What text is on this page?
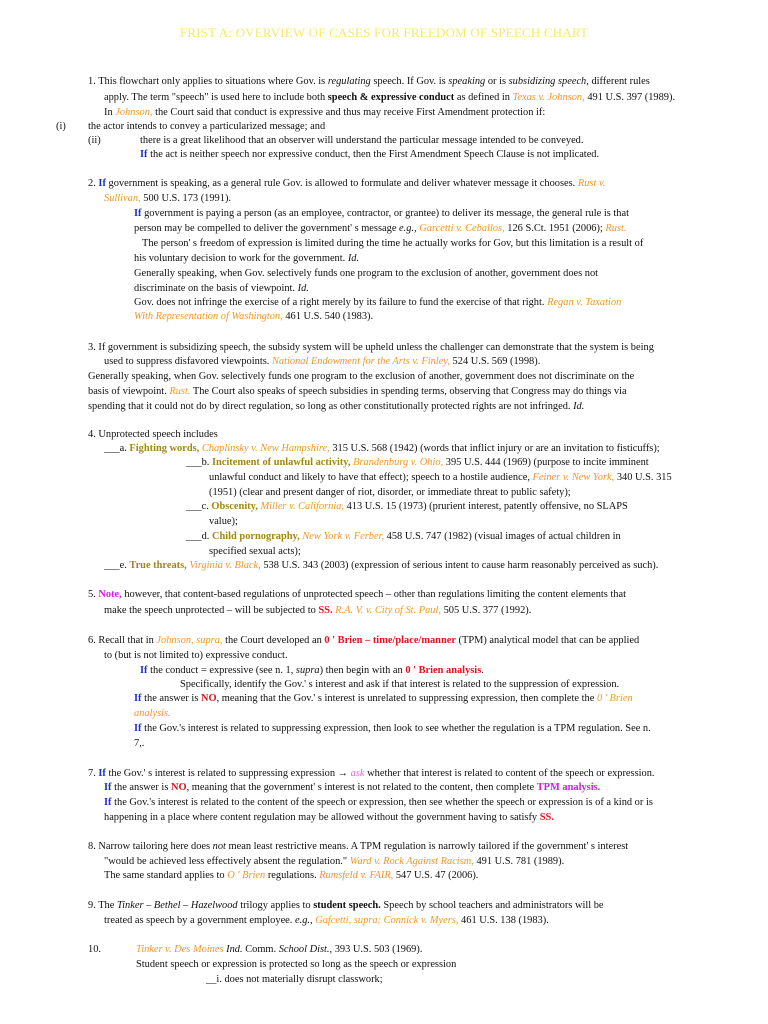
FRIST A: OVERVIEW OF CASES FOR FREEDOM OF SPEECH CHART
1. This flowchart only applies to situations where Gov. is regulating speech. If Gov. is speaking or is subsidizing speech, different rules
apply. The term "speech" is used here to include both speech & expressive conduct as defined in Texas v. Johnson, 491 U.S. 397 (1989).
In Johnson, the Court said that conduct is expressive and thus may receive First Amendment protection if:
(i) the actor intends to convey a particularized message; and
(ii)	there is a great likelihood that an observer will understand the particular message intended to be conveyed.
If the act is neither speech nor expressive conduct, then the First Amendment Speech Clause is not implicated.
2. If government is speaking, as a general rule Gov. is allowed to formulate and deliver whatever message it chooses. Rust v.
Sullivan, 500 U.S. 173 (1991).
If government is paying a person (as an employee, contractor, or grantee) to deliver its message, the general rule is that
person may be compelled to deliver the government' s message e.g., Garcetti v. Ceballos, 126 S.Ct. 1951 (2006); Rust.
The person' s freedom of expression is limited during the time he actually works for Gov, but this limitation is a result of
his voluntary decision to work for the government. Id.
Generally speaking, when Gov. selectively funds one program to the exclusion of another, government does not
discriminate on the basis of viewpoint. Id.
Gov. does not infringe the exercise of a right merely by its failure to fund the exercise of that right. Regan v. Taxation
With Representation of Washington, 461 U.S. 540 (1983).
3. If government is subsidizing speech, the subsidy system will be upheld unless the challenger can demonstrate that the system is being
used to suppress disfavored viewpoints. National Endowment for the Arts v. Finley, 524 U.S. 569 (1998).
Generally speaking, when Gov. selectively funds one program to the exclusion of another, government does not discriminate on the
basis of viewpoint. Rust. The Court also speaks of speech subsidies in spending terms, observing that Congress may do things via
spending that it could not do by direct regulation, so long as other constitutionally protected rights are not infringed. Id.
4. Unprotected speech includes
___a. Fighting words, Chaplinsky v. New Hampshire, 315 U.S. 568 (1942) (words that inflict injury or are an invitation to fisticuffs);
___b. Incitement of unlawful activity, Brandenburg v. Ohio, 395 U.S. 444 (1969) (purpose to incite imminent
unlawful conduct and likely to have that effect); speech to a hostile audience, Feiner v. New York, 340 U.S. 315
(1951) (clear and present danger of riot, disorder, or immediate threat to public safety);
___c. Obscenity, Miller v. California, 413 U.S. 15 (1973) (prurient interest, patently offensive, no SLAPS
value);
___d. Child pornography, New York v. Ferber, 458 U.S. 747 (1982) (visual images of actual children in
specified sexual acts);
___e. True threats, Virginia v. Black, 538 U.S. 343 (2003) (expression of serious intent to cause harm reasonably perceived as such).
5. Note, however, that content-based regulations of unprotected speech – other than regulations limiting the content elements that
make the speech unprotected – will be subjected to SS. R.A. V. v. City of St. Paul, 505 U.S. 377 (1992).
6. Recall that in Johnson, supra, the Court developed an 0 ' Brien – time/place/manner (TPM) analytical model that can be applied
to (but is not limited to) expressive conduct.
If the conduct = expressive (see n. 1, supra) then begin with an 0 ' Brien analysis.
Specifically, identify the Gov.' s interest and ask if that interest is related to the suppression of expression.
If the answer is NO, meaning that the Gov.' s interest is unrelated to suppressing expression, then complete the 0 ' Brien
analysis.
If the Gov.'s interest is related to suppressing expression, then look to see whether the regulation is a TPM regulation. See n.
7,.
7. If the Gov.' s interest is related to suppressing expression → ask whether that interest is related to content of the speech or expression.
If the answer is NO, meaning that the government' s interest is not related to the content, then complete TPM analysis.
If the Gov.'s interest is related to the content of the speech or expression, then see whether the speech or expression is of a kind or is
happening in a place where content regulation may be allowed without the government having to satisfy SS.
8. Narrow tailoring here does not mean least restrictive means. A TPM regulation is narrowly tailored if the government' s interest
"would be achieved less effectively absent the regulation." Ward v. Rock Against Racism, 491 U.S. 781 (1989).
The same standard applies to O ' Brien regulations. Rumsfeld v. FAIR, 547 U.S. 47 (2006).
9. The Tinker – Bethel – Hazelwood trilogy applies to student speech. Speech by school teachers and administrators will be
treated as speech by a government employee. e.g., Gafcetti, supra; Connick v. Myers, 461 U.S. 138 (1983).
10.	Tinker v. Des Moines Ind. Comm. School Dist., 393 U.S. 503 (1969).
Student speech or expression is protected so long as the speech or expression
__i. does not materially disrupt classwork;
